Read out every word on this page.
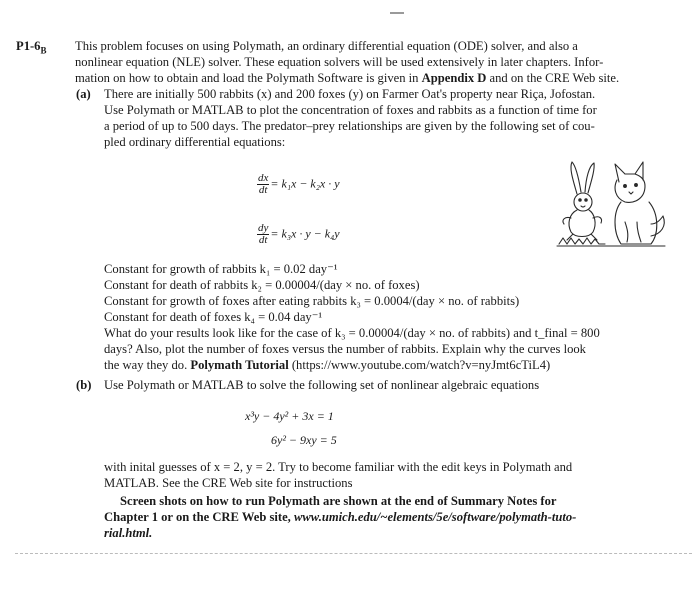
$P1-6_B$ This problem focuses on using Polymath, an ordinary differential equation (ODE) solver, and also a

nonlinear equation (NLE) solver. These equation solvers will be used extensively in later chapters. Infor-

mation on how to obtain and load the Polymath Software is given in Appendix D and on the CRE Web site.

(a) There are initially 500 rabbits (x) and 200 foxes (y) on Farmer Oat's property near Riça, Jofostan.

Use Polymath or MATLAB to plot the concentration of foxes and rabbits as a function of time for

a period of up to 500 days. The predator–prey relationships are given by the following set of cou-

pled ordinary differential equations:

$\frac{dx}{dt} = k_1x - k_2x \cdot y$
$\frac{dy}{dt} = k_3x \cdot y - k_4y$

Constant for growth of rabbits k₁ = 0.02 day⁻¹

Constant for death of rabbits k₂ = 0.00004/(day × no. of foxes)

Constant for growth of foxes after eating rabbits k₃ = 0.0004/(day × no. of rabbits)

Constant for death of foxes k₄ = 0.04 day⁻¹

What do your results look like for the case of k₃ = 0.00004/(day × no. of rabbits) and t_final = 800

days? Also, plot the number of foxes versus the number of rabbits. Explain why the curves look

the way they do. Polymath Tutorial (https://www.youtube.com/watch?v=nyJmt6cTiL4)

(b) Use Polymath or MATLAB to solve the following set of nonlinear algebraic equations
x³y − 4y² + 3x = 1
6y² − 9xy = 5

with inital guesses of x = 2, y = 2. Try to become familiar with the edit keys in Polymath and

MATLAB. See the CRE Web site for instructions

Screen shots on how to run Polymath are shown at the end of Summary Notes for

Chapter 1 or on the CRE Web site, www.umich.edu/~elements/5e/software/polymath-tuto-

rial.html.
